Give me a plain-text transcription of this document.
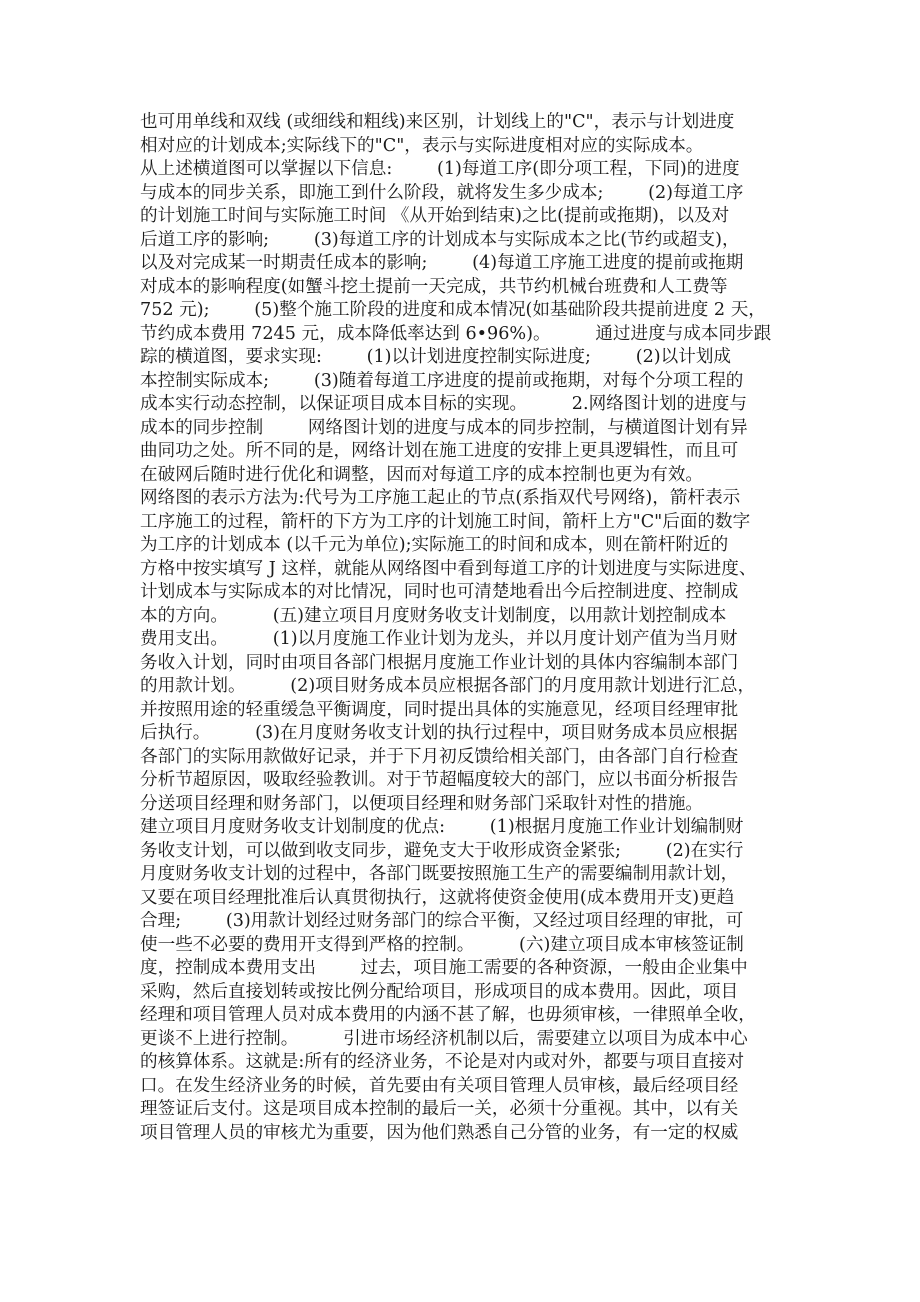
也可用单线和双线 (或细线和粗线)来区别，计划线上的"C"，表示与计划进度
相对应的计划成本;实际线下的"C"，表示与实际进度相对应的实际成本。
从上述横道图可以掌握以下信息:        (1)每道工序(即分项工程，下同)的进度
与成本的同步关系，即施工到什么阶段，就将发生多少成本;        (2)每道工序
的计划施工时间与实际施工时间 《从开始到结束)之比(提前或拖期)，以及对
后道工序的影响;        (3)每道工序的计划成本与实际成本之比(节约或超支)，
以及对完成某一时期责任成本的影响;        (4)每道工序施工进度的提前或拖期
对成本的影响程度(如蟹斗挖土提前一天完成，共节约机械台班费和人工费等
752 元);        (5)整个施工阶段的进度和成本情况(如基础阶段共提前进度 2 天，
节约成本费用 7245 元，成本降低率达到 6•96%)。        通过进度与成本同步跟
踪的横道图，要求实现:        (1)以计划进度控制实际进度;        (2)以计划成
本控制实际成本;        (3)随着每道工序进度的提前或拖期，对每个分项工程的
成本实行动态控制，以保证项目成本目标的实现。        2.网络图计划的进度与
成本的同步控制        网络图计划的进度与成本的同步控制，与横道图计划有异
曲同功之处。所不同的是，网络计划在施工进度的安排上更具逻辑性，而且可
在破网后随时进行优化和调整，因而对每道工序的成本控制也更为有效。
网络图的表示方法为:代号为工序施工起止的节点(系指双代号网络)，箭杆表示
工序施工的过程，箭杆的下方为工序的计划施工时间，箭杆上方"C"后面的数字
为工序的计划成本 (以千元为单位);实际施工的时间和成本，则在箭杆附近的
方格中按实填写 J 这样，就能从网络图中看到每道工序的计划进度与实际进度、
计划成本与实际成本的对比情况，同时也可清楚地看出今后控制进度、控制成
本的方向。        (五)建立项目月度财务收支计划制度，以用款计划控制成本
费用支出。        (1)以月度施工作业计划为龙头，并以月度计划产值为当月财
务收入计划，同时由项目各部门根据月度施工作业计划的具体内容编制本部门
的用款计划。        (2)项目财务成本员应根据各部门的月度用款计划进行汇总，
并按照用途的轻重缓急平衡调度，同时提出具体的实施意见，经项目经理审批
后执行。        (3)在月度财务收支计划的执行过程中，项目财务成本员应根据
各部门的实际用款做好记录，并于下月初反馈给相关部门，由各部门自行检查
分析节超原因，吸取经验教训。对于节超幅度较大的部门，应以书面分析报告
分送项目经理和财务部门，以便项目经理和财务部门采取针对性的措施。
建立项目月度财务收支计划制度的优点:        (1)根据月度施工作业计划编制财
务收支计划，可以做到收支同步，避免支大于收形成资金紧张;        (2)在实行
月度财务收支计划的过程中，各部门既要按照施工生产的需要编制用款计划，
又要在项目经理批准后认真贯彻执行，这就将使资金使用(成本费用开支)更趋
合理;        (3)用款计划经过财务部门的综合平衡，又经过项目经理的审批，可
使一些不必要的费用开支得到严格的控制。        (六)建立项目成本审核签证制
度，控制成本费用支出        过去，项目施工需要的各种资源，一般由企业集中
采购，然后直接划转或按比例分配给项目，形成项目的成本费用。因此，项目
经理和项目管理人员对成本费用的内涵不甚了解，也毋须审核，一律照单全收，
更谈不上进行控制。        引进市场经济机制以后，需要建立以项目为成本中心
的核算体系。这就是:所有的经济业务，不论是对内或对外，都要与项目直接对
口。在发生经济业务的时候，首先要由有关项目管理人员审核，最后经项目经
理签证后支付。这是项目成本控制的最后一关，必须十分重视。其中，以有关
项目管理人员的审核尤为重要，因为他们熟悉自己分管的业务，有一定的权威
